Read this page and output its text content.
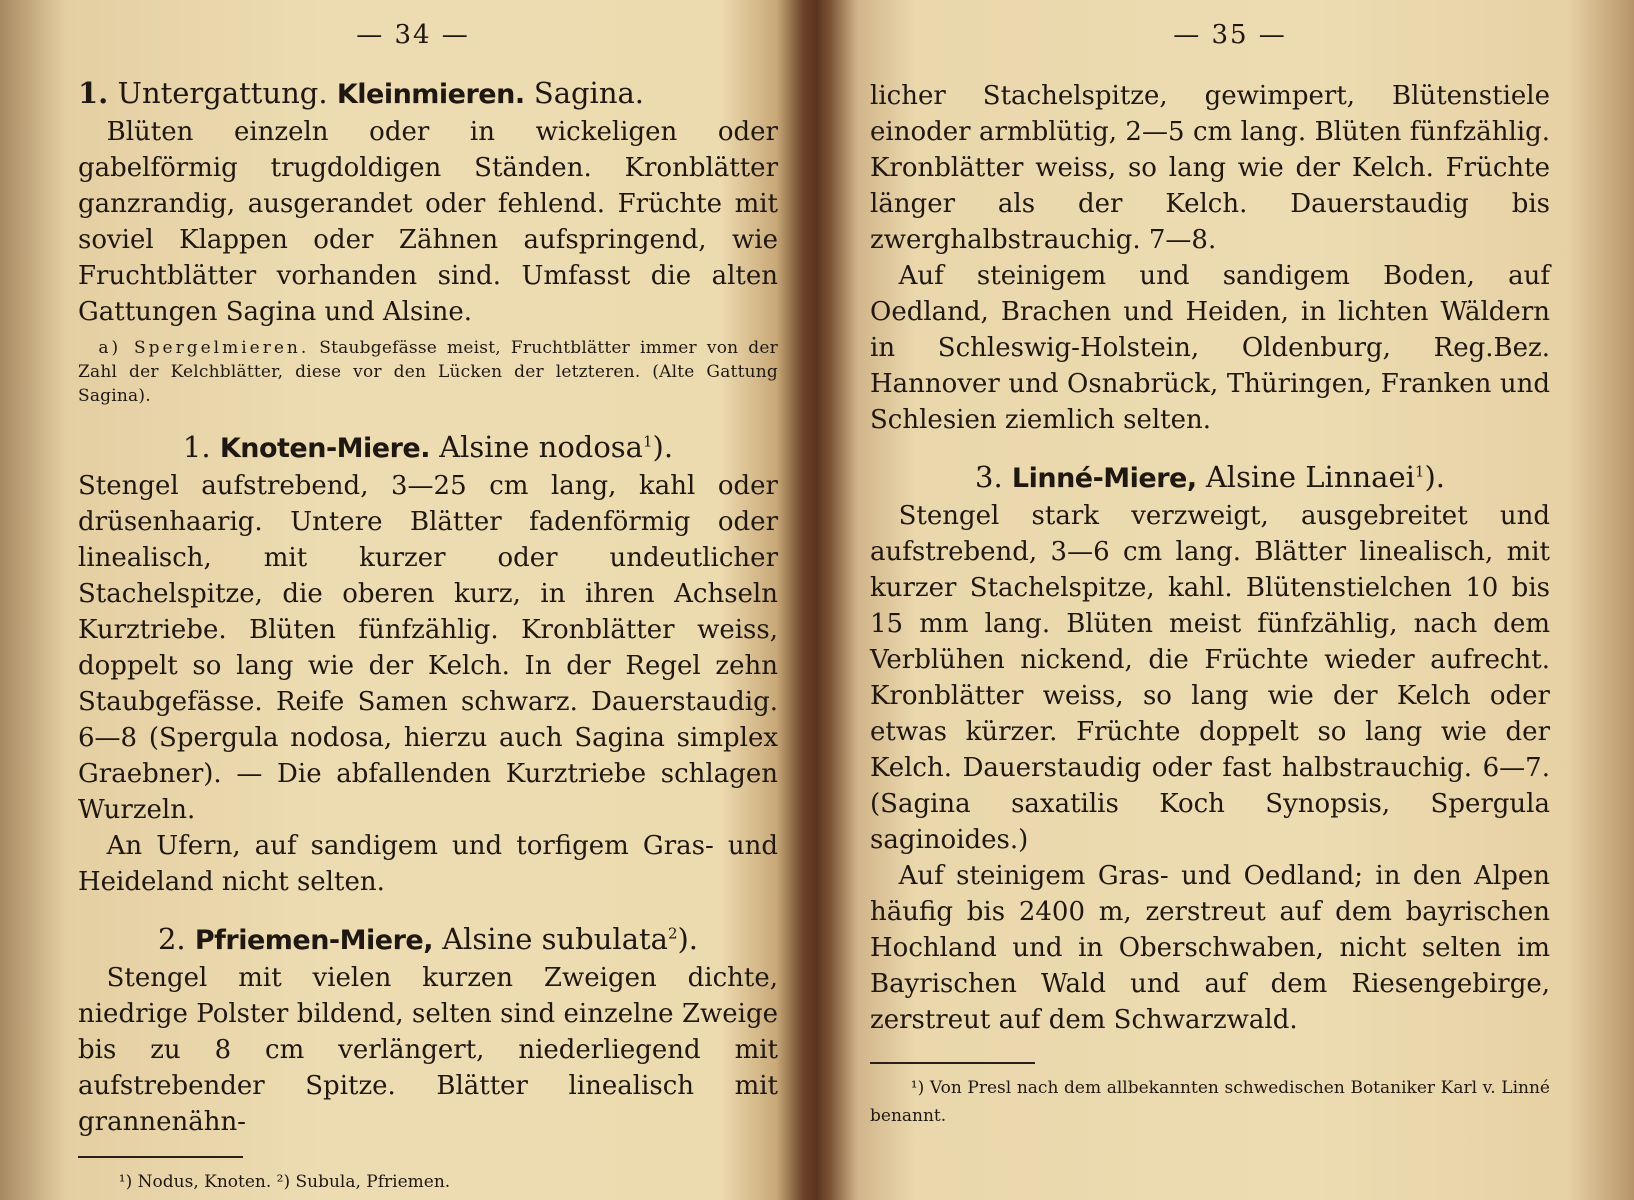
— 34 —
1. Untergattung. Kleinmieren. Sagina.

Blüten einzeln oder in wickeligen oder gabelförmig trugdoldigen Ständen. Kronblätter ganzrandig, ausgerandet oder fehlend. Früchte mit soviel Klappen oder Zähnen aufspringend, wie Fruchtblätter vorhanden sind. Umfasst die alten Gattungen Sagina und Alsine.

a) Spergelmieren. Staubgefässe meist, Fruchtblätter immer von der Zahl der Kelchblätter, diese vor den Lücken der letzteren. (Alte Gattung Sagina).

1. Knoten-Miere. Alsine nodosa$^1$).

Stengel aufstrebend, 3—25 cm lang, kahl oder drüsenhaarig. Untere Blätter fadenförmig oder linealisch, mit kurzer oder undeutlicher Stachelspitze, die oberen kurz, in ihren Achseln Kurztriebe. Blüten fünfzählig. Kronblätter weiss, doppelt so lang wie der Kelch. In der Regel zehn Staubgefässe. Reife Samen schwarz. Dauerstaudig. 6—8 (Spergula nodosa, hierzu auch Sagina simplex Graebner). — Die abfallenden Kurztriebe schlagen Wurzeln.

An Ufern, auf sandigem und torfigem Gras- und Heideland nicht selten.

2. Pfriemen-Miere, Alsine subulata$^2$).

Stengel mit vielen kurzen Zweigen dichte, niedrige Polster bildend, selten sind einzelne Zweige bis zu 8 cm verlängert, niederliegend mit aufstrebender Spitze. Blätter linealisch mit grannenähn-

¹) Nodus, Knoten. ²) Subula, Pfriemen.

— 35 —

licher Stachelspitze, gewimpert, Blütenstiele einoder armblütig, 2—5 cm lang. Blüten fünfzählig. Kronblätter weiss, so lang wie der Kelch. Früchte länger als der Kelch. Dauerstaudig bis zwerghalbstrauchig. 7—8.

Auf steinigem und sandigem Boden, auf Oedland, Brachen und Heiden, in lichten Wäldern in Schleswig-Holstein, Oldenburg, Reg.Bez. Hannover und Osnabrück, Thüringen, Franken und Schlesien ziemlich selten.

3. Linné-Miere, Alsine Linnaei$^1$).

Stengel stark verzweigt, ausgebreitet und aufstrebend, 3—6 cm lang. Blätter linealisch, mit kurzer Stachelspitze, kahl. Blütenstielchen 10 bis 15 mm lang. Blüten meist fünfzählig, nach dem Verblühen nickend, die Früchte wieder aufrecht. Kronblätter weiss, so lang wie der Kelch oder etwas kürzer. Früchte doppelt so lang wie der Kelch. Dauerstaudig oder fast halbstrauchig. 6—7. (Sagina saxatilis Koch Synopsis, Spergula saginoides.)

Auf steinigem Gras- und Oedland; in den Alpen häufig bis 2400 m, zerstreut auf dem bayrischen Hochland und in Oberschwaben, nicht selten im Bayrischen Wald und auf dem Riesengebirge, zerstreut auf dem Schwarzwald.

¹) Von Presl nach dem allbekannten schwedischen Botaniker Karl v. Linné benannt.
